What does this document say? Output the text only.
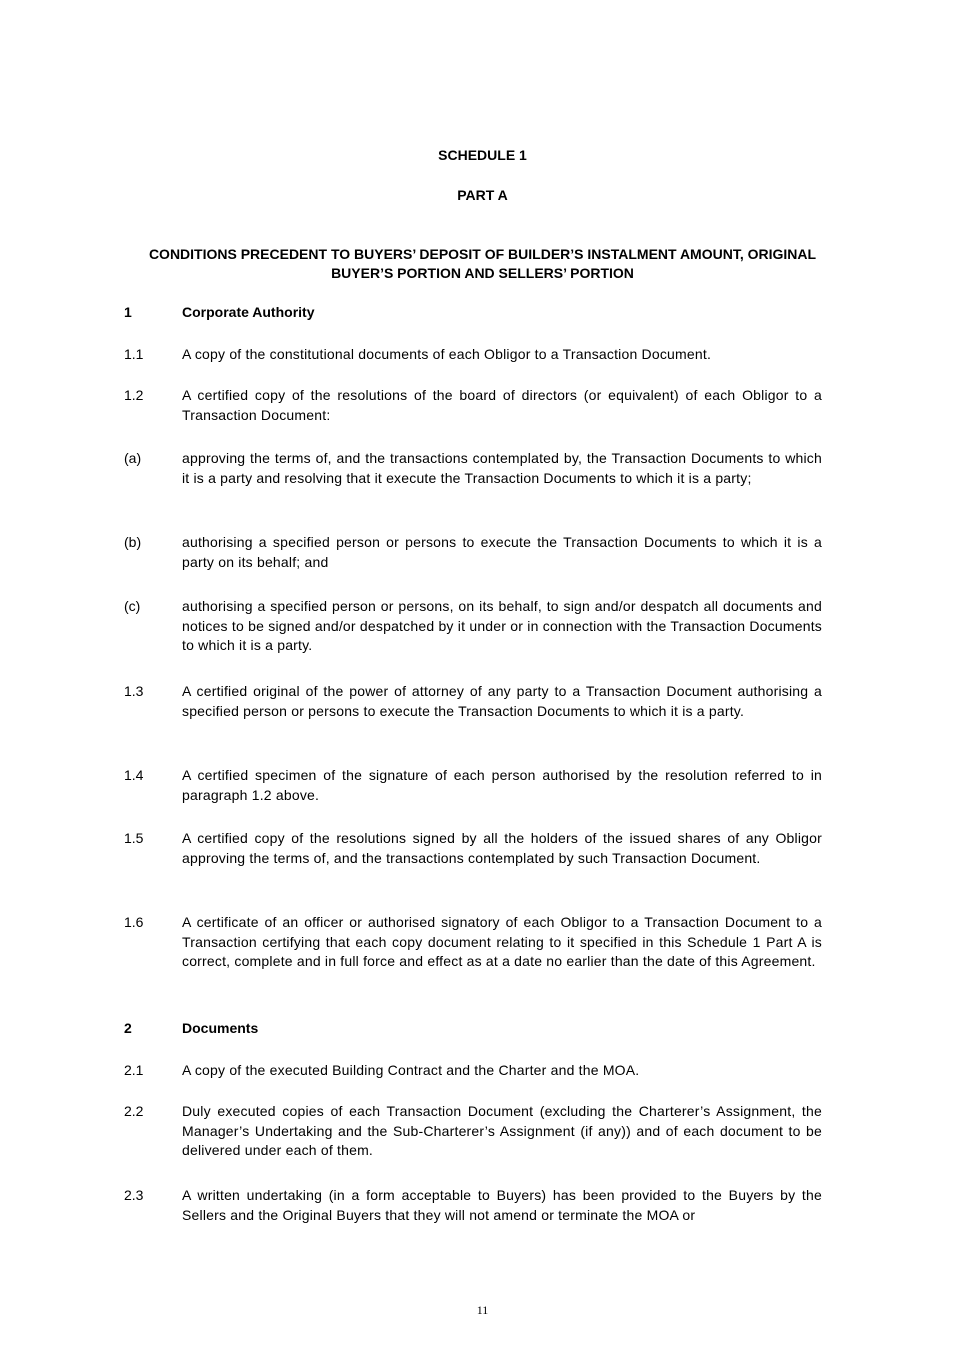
SCHEDULE 1
PART A
CONDITIONS PRECEDENT TO BUYERS’ DEPOSIT OF BUILDER’S INSTALMENT AMOUNT, ORIGINAL BUYER’S PORTION AND SELLERS’ PORTION
1	Corporate Authority
1.1	A copy of the constitutional documents of each Obligor to a Transaction Document.
1.2	A certified copy of the resolutions of the board of directors (or equivalent) of each Obligor to a Transaction Document:
(a)	approving the terms of, and the transactions contemplated by, the Transaction Documents to which it is a party and resolving that it execute the Transaction Documents to which it is a party;
(b)	authorising a specified person or persons to execute the Transaction Documents to which it is a party on its behalf; and
(c)	authorising a specified person or persons, on its behalf, to sign and/or despatch all documents and notices to be signed and/or despatched by it under or in connection with the Transaction Documents to which it is a party.
1.3	A certified original of the power of attorney of any party to a Transaction Document authorising a specified person or persons to execute the Transaction Documents to which it is a party.
1.4	A certified specimen of the signature of each person authorised by the resolution referred to in paragraph 1.2 above.
1.5	A certified copy of the resolutions signed by all the holders of the issued shares of any Obligor approving the terms of, and the transactions contemplated by such Transaction Document.
1.6	A certificate of an officer or authorised signatory of each Obligor to a Transaction Document to a Transaction certifying that each copy document relating to it specified in this Schedule 1 Part A is correct, complete and in full force and effect as at a date no earlier than the date of this Agreement.
2	Documents
2.1	A copy of the executed Building Contract and the Charter and the MOA.
2.2	Duly executed copies of each Transaction Document (excluding the Charterer’s Assignment, the Manager’s Undertaking and the Sub-Charterer’s Assignment (if any)) and of each document to be delivered under each of them.
2.3	A written undertaking (in a form acceptable to Buyers) has been provided to the Buyers by the Sellers and the Original Buyers that they will not amend or terminate the MOA or
11
